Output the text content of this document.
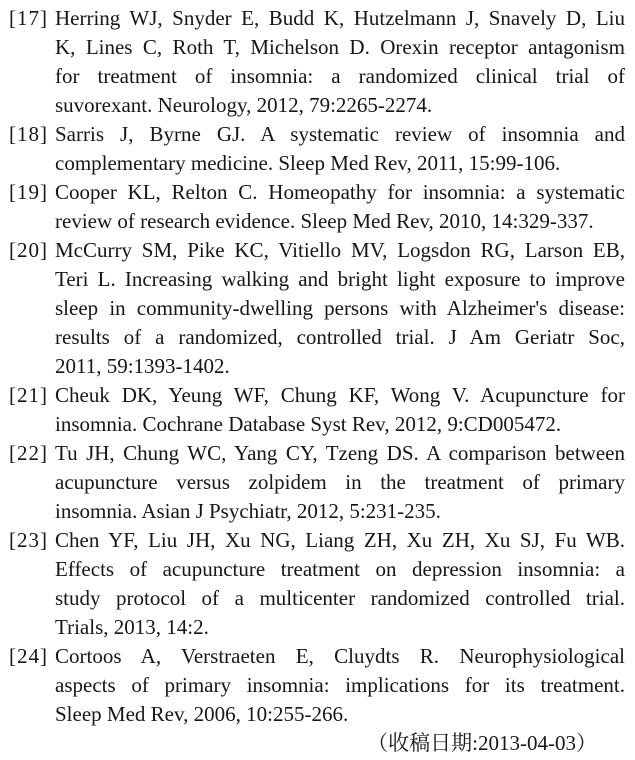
[17] Herring WJ, Snyder E, Budd K, Hutzelmann J, Snavely D, Liu
K, Lines C, Roth T, Michelson D. Orexin receptor antagonism
for treatment of insomnia: a randomized clinical trial of
suvorexant. Neurology, 2012, 79:2265-2274.
[18] Sarris J, Byrne GJ. A systematic review of insomnia and
complementary medicine. Sleep Med Rev, 2011, 15:99-106.
[19] Cooper KL, Relton C. Homeopathy for insomnia: a systematic
review of research evidence. Sleep Med Rev, 2010, 14:329-337.
[20] McCurry SM, Pike KC, Vitiello MV, Logsdon RG, Larson EB,
Teri L. Increasing walking and bright light exposure to improve
sleep in community-dwelling persons with Alzheimer's disease:
results of a randomized, controlled trial. J Am Geriatr Soc,
2011, 59:1393-1402.
[21] Cheuk DK, Yeung WF, Chung KF, Wong V. Acupuncture for
insomnia. Cochrane Database Syst Rev, 2012, 9:CD005472.
[22] Tu JH, Chung WC, Yang CY, Tzeng DS. A comparison between
acupuncture versus zolpidem in the treatment of primary
insomnia. Asian J Psychiatr, 2012, 5:231-235.
[23] Chen YF, Liu JH, Xu NG, Liang ZH, Xu ZH, Xu SJ, Fu WB.
Effects of acupuncture treatment on depression insomnia: a
study protocol of a multicenter randomized controlled trial.
Trials, 2013, 14:2.
[24] Cortoos A, Verstraeten E, Cluydts R. Neurophysiological
aspects of primary insomnia: implications for its treatment.
Sleep Med Rev, 2006, 10:255-266.
（收稿日期:2013-04-03）
